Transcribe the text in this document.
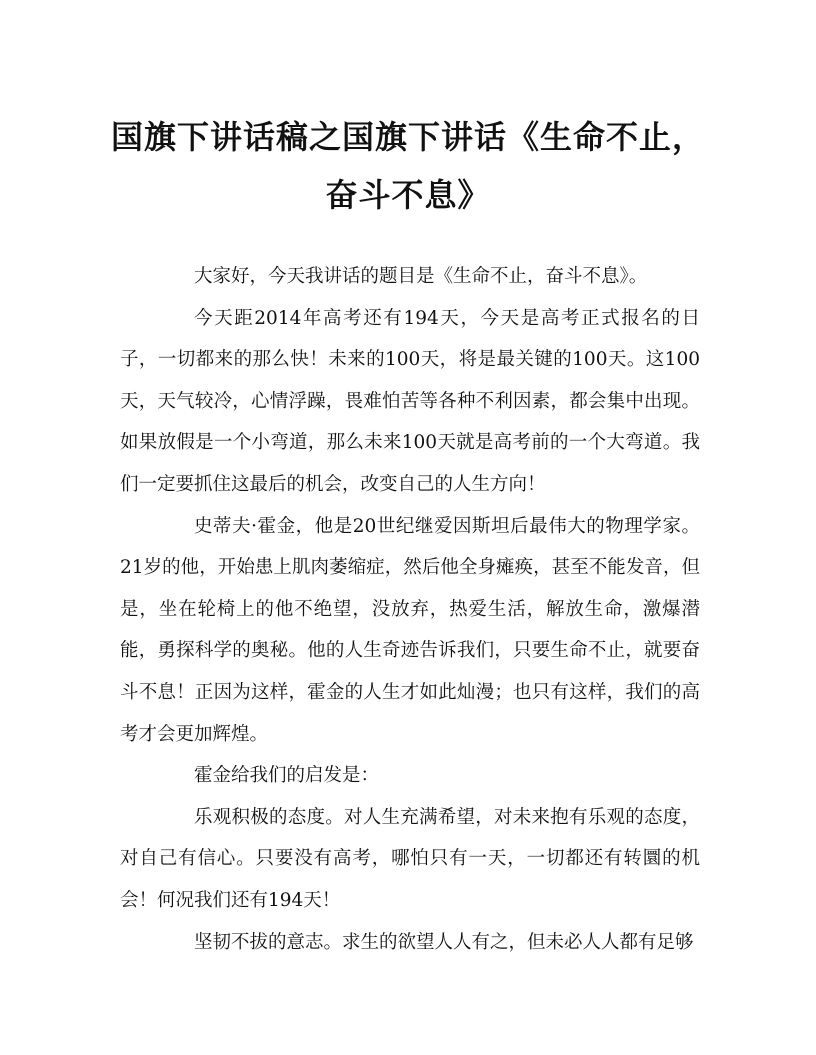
国旗下讲话稿之国旗下讲话《生命不止，
奋斗不息》

大家好，今天我讲话的题目是《生命不止，奋斗不息》。

今天距2014年高考还有194天，今天是高考正式报名的日子，一切都来的那么快！未来的100天，将是最关键的100天。这100天，天气较冷，心情浮躁，畏难怕苦等各种不利因素，都会集中出现。如果放假是一个小弯道，那么未来100天就是高考前的一个大弯道。我们一定要抓住这最后的机会，改变自己的人生方向！

史蒂夫·霍金，他是20世纪继爱因斯坦后最伟大的物理学家。21岁的他，开始患上肌肉萎缩症，然后他全身瘫痪，甚至不能发音，但是，坐在轮椅上的他不绝望，没放弃，热爱生活，解放生命，激爆潜能，勇探科学的奥秘。他的人生奇迹告诉我们，只要生命不止，就要奋斗不息！正因为这样，霍金的人生才如此灿漫；也只有这样，我们的高考才会更加辉煌。

霍金给我们的启发是：

乐观积极的态度。对人生充满希望，对未来抱有乐观的态度，对自己有信心。只要没有高考，哪怕只有一天，一切都还有转圜的机会！何况我们还有194天！

坚韧不拔的意志。求生的欲望人人有之，但未必人人都有足够
